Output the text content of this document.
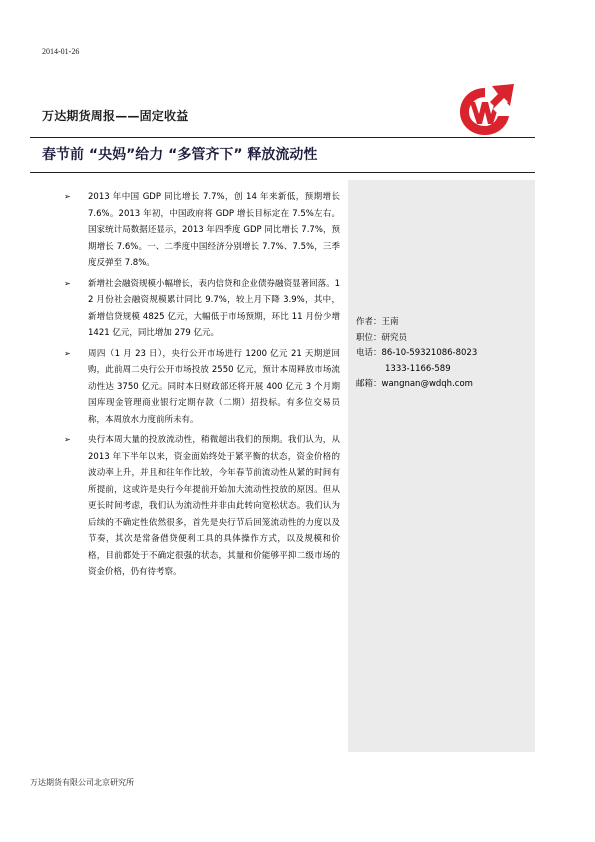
2014-01-26
万达期货周报——固定收益
春节前 “央妈”给力 “多管齐下” 释放流动性
作者：王南
职位：研究员
电话：86-10-59321086-8023
1333-1166-589
邮箱：wangnan@wdqh.com
➢ 2013 年中国 GDP 同比增长 7.7%，创 14 年来新低，预期增长 7.6%。2013 年初，中国政府将 GDP 增长目标定在 7.5%左右。国家统计局数据还显示，2013 年四季度 GDP 同比增长 7.7%，预期增长 7.6%。一、二季度中国经济分别增长 7.7%、7.5%，三季度反弹至 7.8%。
➢ 新增社会融资规模小幅增长，表内信贷和企业债券融资显著回落。12 月份社会融资规模累计同比 9.7%，较上月下降 3.9%，其中，新增信贷规模 4825 亿元，大幅低于市场预期，环比 11 月份少增 1421 亿元，同比增加 279 亿元。
➢ 周四（1 月 23 日），央行公开市场进行 1200 亿元 21 天期逆回购，此前周二央行公开市场投放 2550 亿元，预计本周释放市场流动性达 3750 亿元。同时本日财政部还将开展 400 亿元 3 个月期国库现金管理商业银行定期存款（二期）招投标。有多位交易员称，本周放水力度前所未有。
➢ 央行本周大量的投放流动性，稍微超出我们的预期。我们认为，从 2013 年下半年以来，资金面始终处于紧平衡的状态，资金价格的波动率上升，并且和往年作比较，今年春节前流动性从紧的时间有所提前，这或许是央行今年提前开始加大流动性投放的原因。但从更长时间考虑，我们认为流动性并非由此转向宽松状态。我们认为后续的不确定性依然很多，首先是央行节后回笼流动性的力度以及节奏，其次是常备借贷便利工具的具体操作方式，以及规模和价格，目前都处于不确定很强的状态，其量和价能够平抑二级市场的资金价格，仍有待考察。
万达期货有限公司北京研究所
